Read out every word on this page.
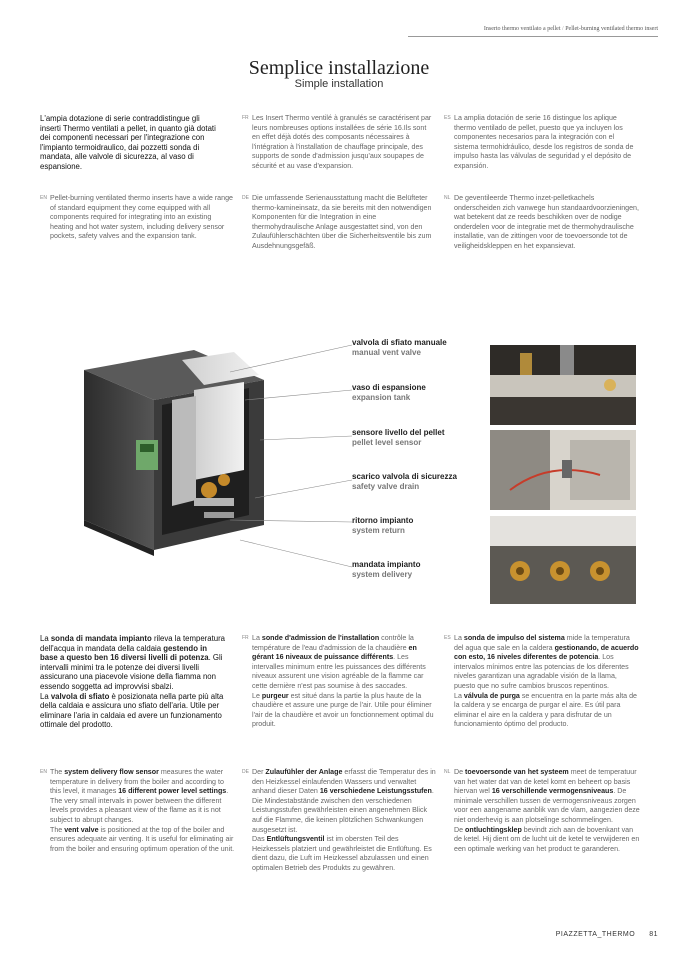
Inserto thermo ventilato a pellet / Pellet-burning ventilated thermo insert
Semplice installazione
Simple installation
L'ampia dotazione di serie contraddistingue gli inserti Thermo ventilati a pellet, in quanto già dotati dei componenti necessari per l'integrazione con l'impianto termoidraulico, dai pozzetti sonda di mandata, alle valvole di sicurezza, al vaso di espansione.
FR Les Insert Thermo ventilé à granulés se caractérisent par leurs nombreuses options installées de série 16.Ils sont en effet déjà dotés des composants nécessaires à l'intégration à l'installation de chauffage principale, des supports de sonde d'admission jusqu'aux soupapes de sécurité et au vase d'expansion.
ES La amplia dotación de serie 16 distingue los aplique thermo ventilado de pellet, puesto que ya incluyen los componentes necesarios para la integración con el sistema termohidráulico, desde los registros de sonda de impulso hasta las válvulas de seguridad y el depósito de expansión.
EN Pellet-burning ventilated thermo inserts have a wide range of standard equipment they come equipped with all components required for integrating into an existing heating and hot water system, including delivery sensor pockets, safety valves and the expansion tank.
DE Die umfassende Serienausstattung macht die Belüfteter thermo-kamineinsatz, da sie bereits mit den notwendigen Komponenten für die Integration in eine thermohydraulische Anlage ausgestattet sind, von den Zulaufühlerschächten über die Sicherheitsventile bis zum Ausdehnungsgefäß.
NL De geventileerde Thermo inzet-pelletkachels onderscheiden zich vanwege hun standaardvoorzieningen, wat betekent dat ze reeds beschikken over de nodige onderdelen voor de integratie met de thermohydraulische installatie, van de zittingen voor de toevoersonde tot de veiligheidskleppen en het expansievat.
valvola di sfiato manuale
manual vent valve
vaso di espansione
expansion tank
sensore livello del pellet
pellet level sensor
scarico valvola di sicurezza
safety valve drain
ritorno impianto
system return
mandata impianto
system delivery
La sonda di mandata impianto rileva la temperatura dell'acqua in mandata della caldaia gestendo in base a questo ben 16 diversi livelli di potenza. Gli intervalli minimi tra le potenze dei diversi livelli assicurano una piacevole visione della fiamma non essendo soggetta ad improvvisi sbalzi.
La valvola di sfiato è posizionata nella parte più alta della caldaia e assicura uno sfiato dell'aria. Utile per eliminare l'aria in caldaia ed avere un funzionamento ottimale del prodotto.
FR La sonde d'admission de l'installation contrôle la température de l'eau d'admission de la chaudière en gérant 16 niveaux de puissance différents. Les intervalles minimum entre les puissances des différents niveaux assurent une vision agréable de la flamme car cette dernière n'est pas soumise à des saccades.
Le purgeur est situé dans la partie la plus haute de la chaudière et assure une purge de l'air. Utile pour éliminer l'air de la chaudière et avoir un fonctionnement optimal du produit.
ES La sonda de impulso del sistema mide la temperatura del agua que sale en la caldera gestionando, de acuerdo con esto, 16 niveles diferentes de potencia. Los intervalos mínimos entre las potencias de los diferentes niveles garantizan una agradable visión de la llama, puesto que no sufre cambios bruscos repentinos.
La válvula de purga se encuentra en la parte más alta de la caldera y se encarga de purgar el aire. Es útil para eliminar el aire en la caldera y para disfrutar de un funcionamiento óptimo del producto.
EN The system delivery flow sensor measures the water temperature in delivery from the boiler and according to this level, it manages 16 different power level settings. The very small intervals in power between the different levels provides a pleasant view of the flame as it is not subject to abrupt changes.
The vent valve is positioned at the top of the boiler and ensures adequate air venting. It is useful for eliminating air from the boiler and ensuring optimum operation of the unit.
DE Der Zulaufühler der Anlage erfasst die Temperatur des in den Heizkessel einlaufenden Wassers und verwaltet anhand dieser Daten 16 verschiedene Leistungsstufen. Die Mindestabstände zwischen den verschiedenen Leistungsstufen gewährleisten einen angenehmen Blick auf die Flamme, die keinen plötzlichen Schwankungen ausgesetzt ist.
Das Entlüftungsventil ist im obersten Teil des Heizkessels platziert und gewährleistet die Entlüftung. Es dient dazu, die Luft im Heizkessel abzulassen und einen optimalen Betrieb des Produkts zu gewähren.
NL De toevoersonde van het systeem meet de temperatuur van het water dat van de ketel komt en beheert op basis hiervan wel 16 verschillende vermogensniveaus. De minimale verschillen tussen de vermogensniveaus zorgen voor een aangename aanblik van de vlam, aangezien deze niet onderhevig is aan plotselinge schommelingen.
De ontluchtingsklep bevindt zich aan de bovenkant van de ketel. Hij dient om de lucht uit de ketel te verwijderen en een optimale werking van het product te garanderen.
PIAZZETTA_THERMO 81
